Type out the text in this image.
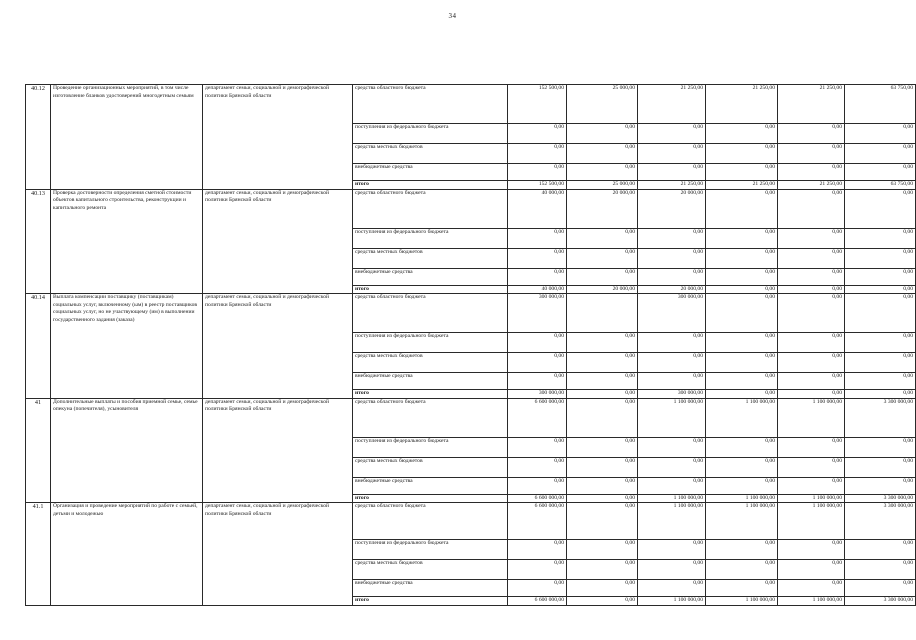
34
40.12	Проведение организационных мероприятий, в том числе изготовление бланков удостоверений многодетным семьям	департамент семьи, социальной и демографической политики Брянской области	средства областного бюджета	152 500,00	25 000,00	21 250,00	21 250,00	21 250,00	63 750,00
			поступления из федерального бюджета	0,00	0,00	0,00	0,00	0,00	0,00
			средства местных бюджетов	0,00	0,00	0,00	0,00	0,00	0,00
			внебюджетные средства	0,00	0,00	0,00	0,00	0,00	0,00
			итого	152 500,00	25 000,00	21 250,00	21 250,00	21 250,00	63 750,00
40.13	Проверка достоверности определения сметной стоимости объектов капитального строительства, реконструкции и капитального ремонта	департамент семьи, социальной и демографической политики Брянской области	средства областного бюджета	40 000,00	20 000,00	20 000,00	0,00	0,00	0,00
			поступления из федерального бюджета	0,00	0,00	0,00	0,00	0,00	0,00
			средства местных бюджетов	0,00	0,00	0,00	0,00	0,00	0,00
			внебюджетные средства	0,00	0,00	0,00	0,00	0,00	0,00
			итого	40 000,00	20 000,00	20 000,00	0,00	0,00	0,00
40.14	Выплата компенсации поставщику (поставщикам) социальных услуг, включенному (ым) в реестр поставщиков социальных услуг, но не участвующему (им) в выполнении государственного задания (заказа)	департамент семьи, социальной и демографической политики Брянской области	средства областного бюджета	300 000,00		300 000,00	0,00	0,00	0,00
			поступления из федерального бюджета	0,00	0,00	0,00	0,00	0,00	0,00
			средства местных бюджетов	0,00	0,00	0,00	0,00	0,00	0,00
			внебюджетные средства	0,00	0,00	0,00	0,00	0,00	0,00
			итого	300 000,00	0,00	300 000,00	0,00	0,00	0,00
41	Дополнительные выплаты и пособия приемной семье, семье опекуна (попечителя), усыновителя	департамент семьи, социальной и демографической политики Брянской области	средства областного бюджета	6 600 000,00	0,00	1 100 000,00	1 100 000,00	1 100 000,00	3 300 000,00
			поступления из федерального бюджета	0,00	0,00	0,00	0,00	0,00	0,00
			средства местных бюджетов	0,00	0,00	0,00	0,00	0,00	0,00
			внебюджетные средства	0,00	0,00	0,00	0,00	0,00	0,00
			итого	6 600 000,00	0,00	1 100 000,00	1 100 000,00	1 100 000,00	3 300 000,00
41.1	Организация и проведение мероприятий по работе с семьей, детьми и молодежью	департамент семьи, социальной и демографической политики Брянской области	средства областного бюджета	6 600 000,00	0,00	1 100 000,00	1 100 000,00	1 100 000,00	3 300 000,00
			поступления из федерального бюджета	0,00	0,00	0,00	0,00	0,00	0,00
			средства местных бюджетов	0,00	0,00	0,00	0,00	0,00	0,00
			внебюджетные средства	0,00	0,00	0,00	0,00	0,00	0,00
			итого	6 600 000,00	0,00	1 100 000,00	1 100 000,00	1 100 000,00	3 300 000,00
